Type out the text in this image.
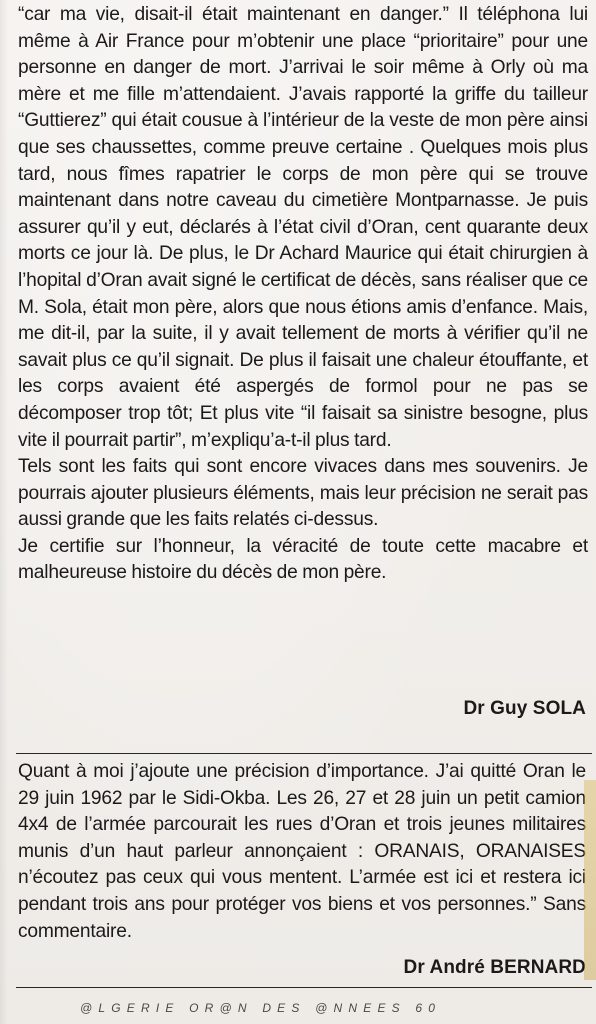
“car ma vie, disait-il était maintenant en danger.” Il téléphona lui même à Air France pour m’obtenir une place “prioritaire” pour une personne en danger de mort. J’arrivai le soir même à Orly où ma mère et me fille m’attendaient. J’avais rapporté la griffe du tailleur “Guttierez” qui était cousue à l’intérieur de la veste de mon père ainsi que ses chaussettes, comme preuve certaine . Quelques mois plus tard, nous fîmes rapatrier le corps de mon père qui se trouve maintenant dans notre caveau du cimetière Montparnasse. Je puis assurer qu’il y eut, déclarés à l’état civil d’Oran, cent quarante deux morts ce jour là. De plus, le Dr Achard Maurice qui était chirurgien à l’hopital d’Oran avait signé le certificat de décès, sans réaliser que ce M. Sola, était mon père, alors que nous étions amis d’enfance. Mais, me dit-il, par la suite, il y avait tellement de morts à vérifier qu’il ne savait plus ce qu’il signait. De plus il faisait une chaleur étouffante, et les corps avaient été aspergés de formol pour ne pas se décomposer trop tôt; Et plus vite “il faisait sa sinistre besogne, plus vite il pourrait partir”, m’expliqu’a-t-il plus tard.

Tels sont les faits qui sont encore vivaces dans mes souvenirs. Je pourrais ajouter plusieurs éléments, mais leur précision ne serait pas aussi grande que les faits relatés ci-dessus.

Je certifie sur l’honneur, la véracité de toute cette macabre et malheureuse histoire du décès de mon père.

Dr Guy SOLA

Quant à moi j’ajoute une précision d’importance. J’ai quitté Oran le 29 juin 1962 par le Sidi-Okba. Les 26, 27 et 28 juin un petit camion 4x4 de l’armée parcourait les rues d’Oran et trois jeunes militaires munis d’un haut parleur annonçaient : ORANAIS, ORANAISES n’écoutez pas ceux qui vous mentent. L’armée est ici et restera ici pendant trois ans pour protéger vos biens et vos personnes.” Sans commentaire.

Dr André BERNARD
@LGERIE OR@N DES @NNEES 60
